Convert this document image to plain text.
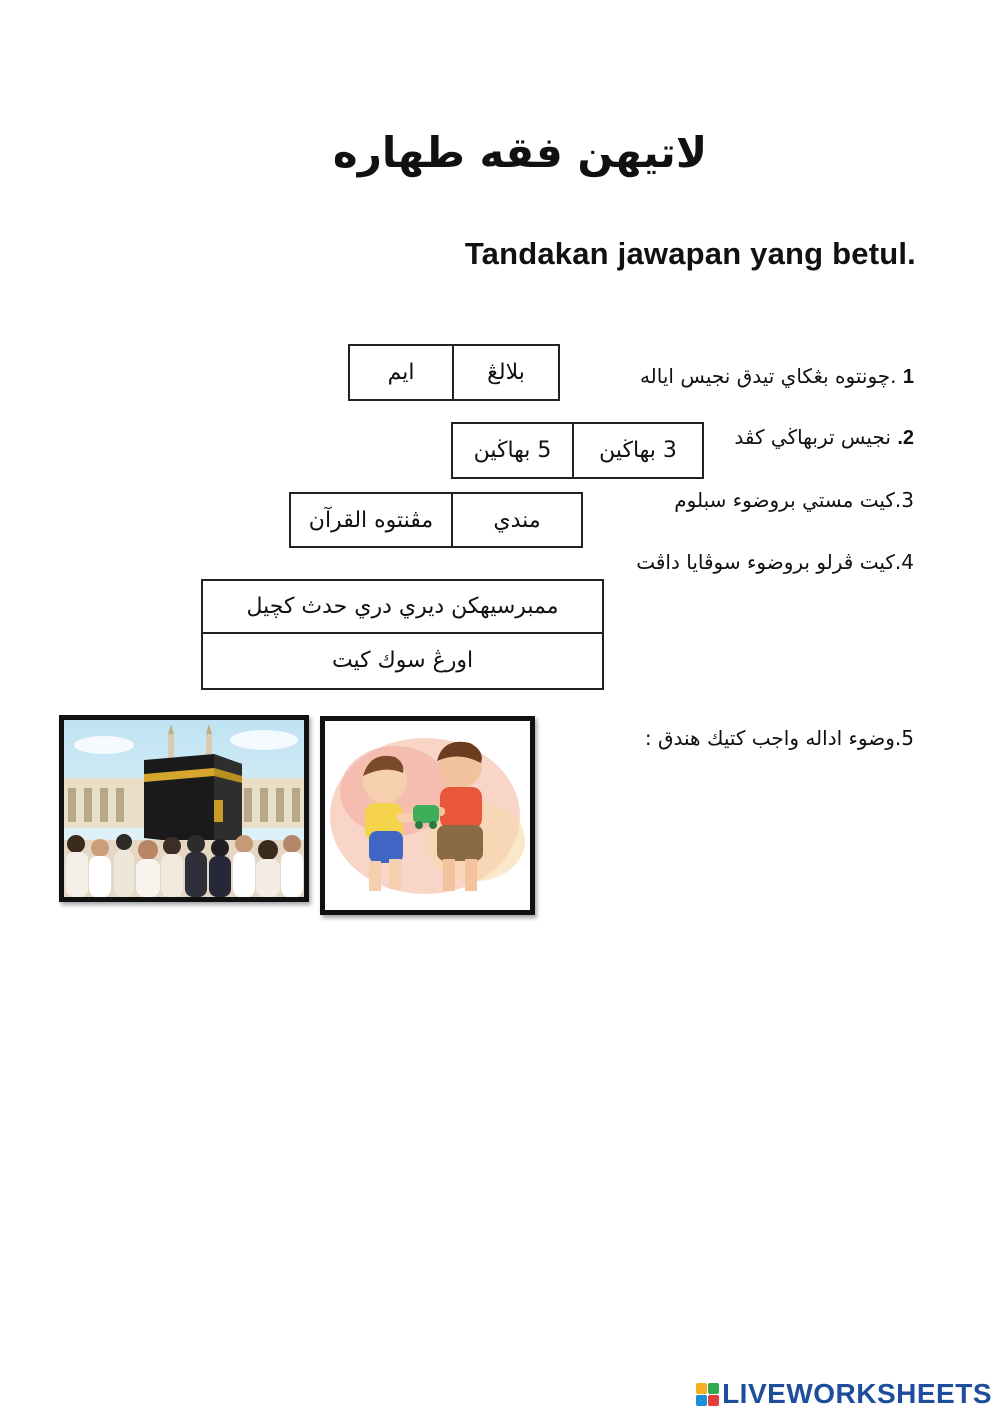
لاتيهن فقه طهاره
Tandakan jawapan yang betul.
1 .چونتوه بڠكاي تيدق نجيس اياله
ايم	بلالڠ
2. نجيس تربهاڬي كڤد
5 بهاڬين	3 بهاڬين
3.كيت مستي بروضوء سبلوم
مڤنتوه القرآن	مندي
4.كيت ڤرلو بروضوء سوڤايا داڤت
ممبرسيهكن ديري دري حدث كچيل
اورڠ سوك كيت
5.وضوء اداله واجب كتيك هندق :
LIVEWORKSHEETS
